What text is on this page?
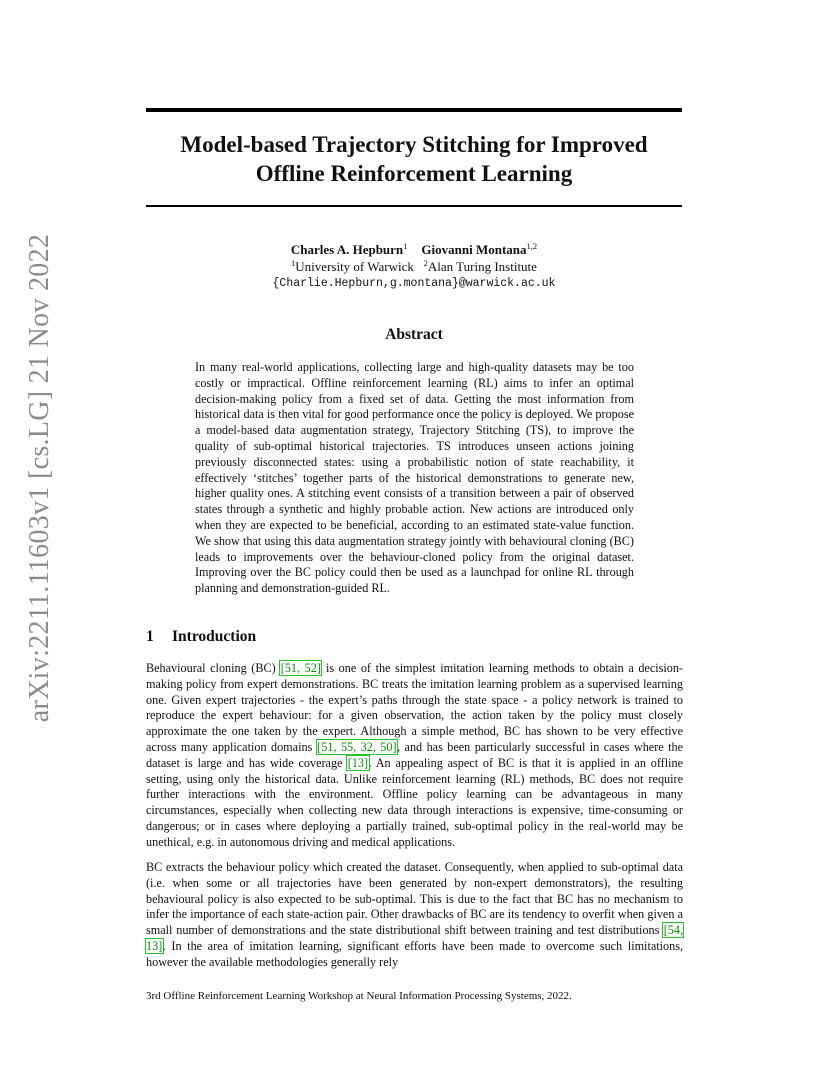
arXiv:2211.11603v1 [cs.LG] 21 Nov 2022
Model-based Trajectory Stitching for Improved
Offline Reinforcement Learning
Charles A. Hepburn$^1$ Giovanni Montana$^{1,2}$
$^1$University of Warwick $^2$Alan Turing Institute
{Charlie.Hepburn,g.montana}@warwick.ac.uk
Abstract

In many real-world applications, collecting large and high-quality datasets may be too costly or impractical. Offline reinforcement learning (RL) aims to infer an optimal decision-making policy from a fixed set of data. Getting the most information from historical data is then vital for good performance once the policy is deployed. We propose a model-based data augmentation strategy, Trajectory Stitching (TS), to improve the quality of sub-optimal historical trajectories. TS introduces unseen actions joining previously disconnected states: using a probabilistic notion of state reachability, it effectively ‘stitches’ together parts of the historical demonstrations to generate new, higher quality ones. A stitching event consists of a transition between a pair of observed states through a synthetic and highly probable action. New actions are introduced only when they are expected to be beneficial, according to an estimated state-value function. We show that using this data augmentation strategy jointly with behavioural cloning (BC) leads to improvements over the behaviour-cloned policy from the original dataset. Improving over the BC policy could then be used as a launchpad for online RL through planning and demonstration-guided RL.

1 Introduction

Behavioural cloning (BC) [51, 52] is one of the simplest imitation learning methods to obtain a decision-making policy from expert demonstrations. BC treats the imitation learning problem as a supervised learning one. Given expert trajectories - the expert’s paths through the state space - a policy network is trained to reproduce the expert behaviour: for a given observation, the action taken by the policy must closely approximate the one taken by the expert. Although a simple method, BC has shown to be very effective across many application domains [51, 55, 32, 50], and has been particularly successful in cases where the dataset is large and has wide coverage [13]. An appealing aspect of BC is that it is applied in an offline setting, using only the historical data. Unlike reinforcement learning (RL) methods, BC does not require further interactions with the environment. Offline policy learning can be advantageous in many circumstances, especially when collecting new data through interactions is expensive, time-consuming or dangerous; or in cases where deploying a partially trained, sub-optimal policy in the real-world may be unethical, e.g. in autonomous driving and medical applications.

BC extracts the behaviour policy which created the dataset. Consequently, when applied to sub-optimal data (i.e. when some or all trajectories have been generated by non-expert demonstrators), the resulting behavioural policy is also expected to be sub-optimal. This is due to the fact that BC has no mechanism to infer the importance of each state-action pair. Other drawbacks of BC are its tendency to overfit when given a small number of demonstrations and the state distributional shift between training and test distributions [54, 13]. In the area of imitation learning, significant efforts have been made to overcome such limitations, however the available methodologies generally rely

3rd Offline Reinforcement Learning Workshop at Neural Information Processing Systems, 2022.
